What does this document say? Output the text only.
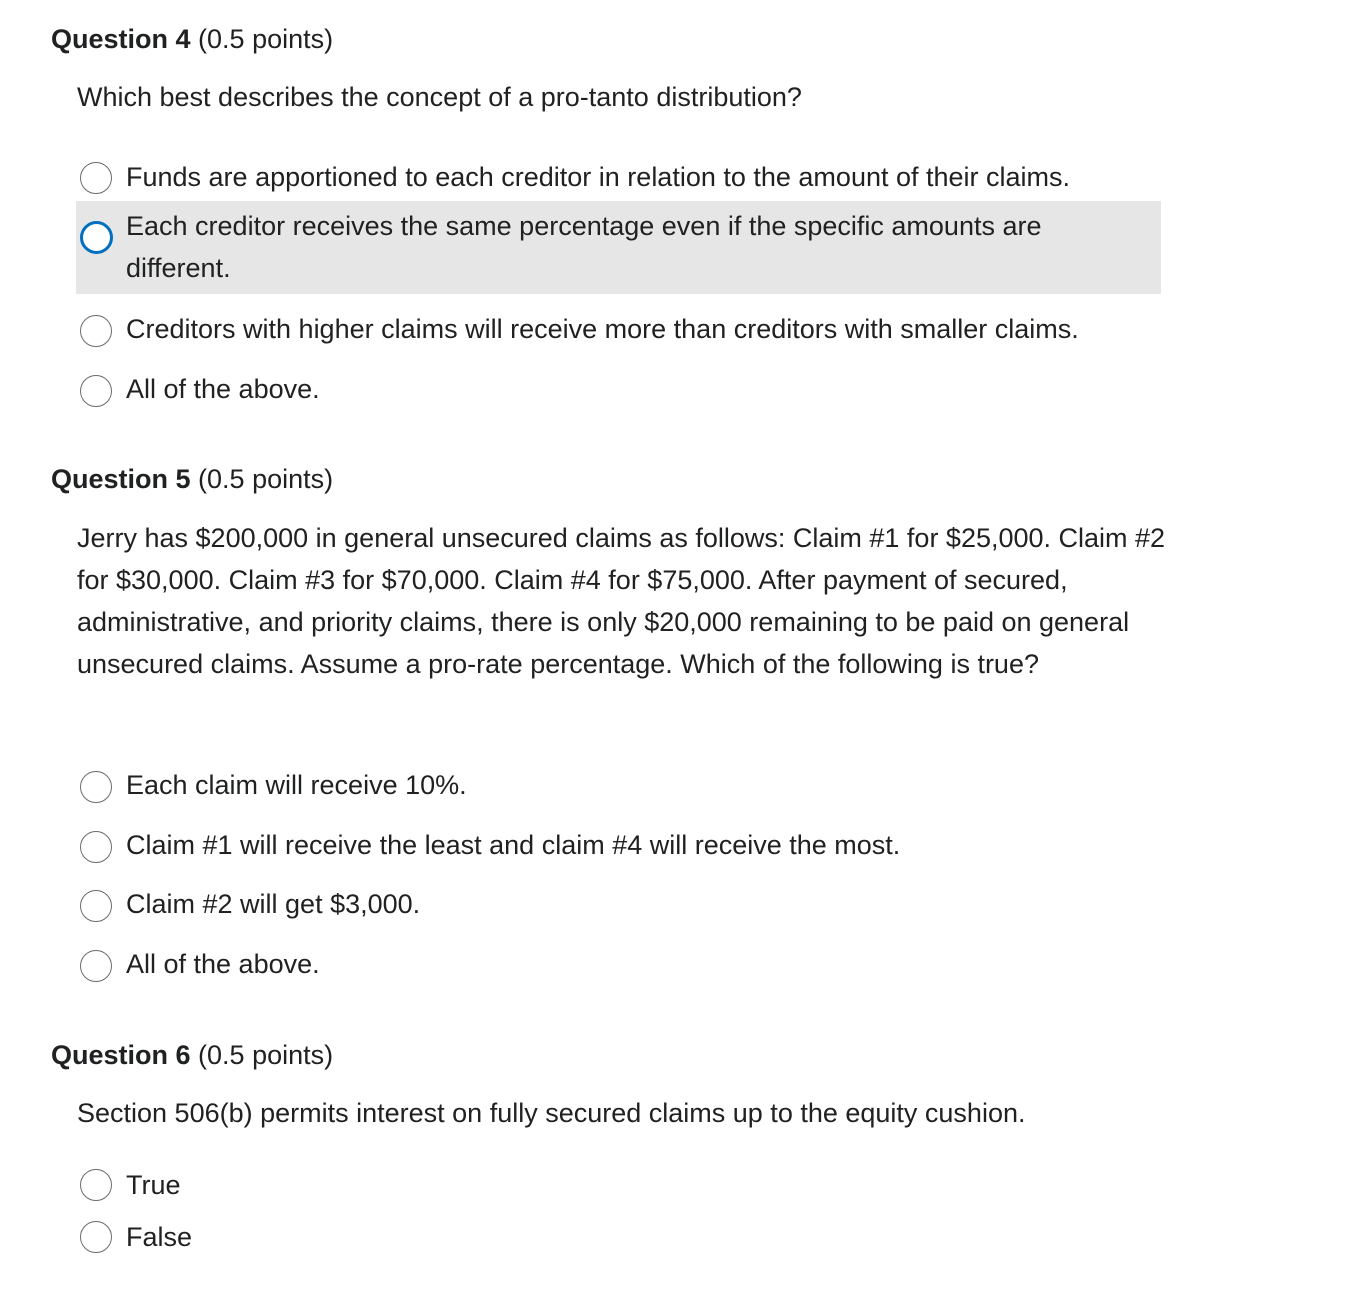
Question 4 (0.5 points)

Which best describes the concept of a pro-tanto distribution?

Funds are apportioned to each creditor in relation to the amount of their claims.
Each creditor receives the same percentage even if the specific amounts are different.
Creditors with higher claims will receive more than creditors with smaller claims.
All of the above.
Question 5 (0.5 points)

Jerry has $200,000 in general unsecured claims as follows: Claim #1 for $25,000. Claim #2 for $30,000. Claim #3 for $70,000. Claim #4 for $75,000. After payment of secured, administrative, and priority claims, there is only $20,000 remaining to be paid on general unsecured claims. Assume a pro-rate percentage. Which of the following is true?

Each claim will receive 10%.
Claim #1 will receive the least and claim #4 will receive the most.
Claim #2 will get $3,000.
All of the above.
Question 6 (0.5 points)

Section 506(b) permits interest on fully secured claims up to the equity cushion.

True
False
